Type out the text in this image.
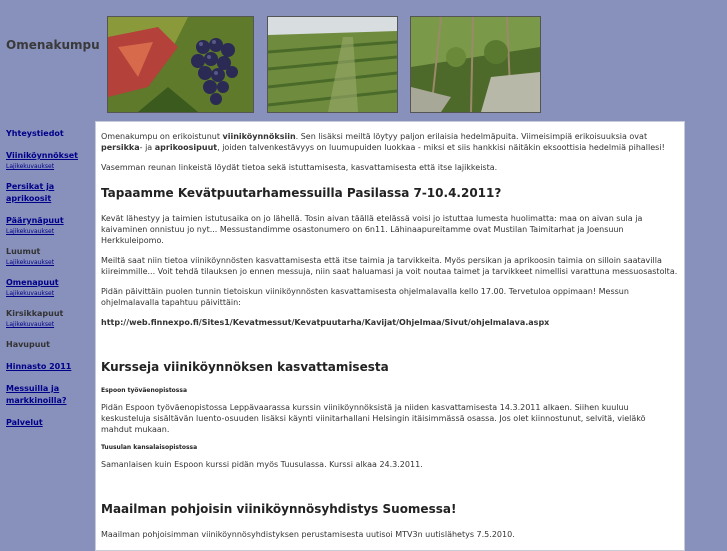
Omenakumpu
Yhteystiedot
Viiniköynnökset
Lajikekuvaukset
Persikat ja aprikoosit
Päärynäpuut
Lajikekuvaukset
Luumut
Lajikekuvaukset
Omenapuut
Lajikekuvaukset
Kirsikkapuut
Lajikekuvaukset
Havupuut
Hinnasto 2011
Messuilla ja markkinoilla?
Palvelut

Omenakumpu on erikoistunut viiniköynnöksiin. Sen lisäksi meiltä löytyy paljon erilaisia hedelmäpuita. Viimeisimpiä erikoisuuksia ovat persikka- ja aprikoosipuut, joiden talvenkestävyys on luumupuiden luokkaa - miksi et siis hankkisi näitäkin eksoottisia hedelmiä pihallesi!

Vasemman reunan linkeistä löydät tietoa sekä istuttamisesta, kasvattamisesta että itse lajikkeista.

Tapaamme Kevätpuutarhamessuilla Pasilassa 7-10.4.2011?

Kevät lähestyy ja taimien istutusaika on jo lähellä. Tosin aivan täällä etelässä voisi jo istuttaa lumesta huolimatta: maa on aivan sula ja kaivaminen onnistuu jo nyt... Messustandimme osastonumero on 6n11. Lähinaapureitamme ovat Mustilan Taimitarhat ja Joensuun Herkkuleipomo.

Meiltä saat niin tietoa viiniköynnösten kasvattamisesta että itse taimia ja tarvikkeita. Myös persikan ja aprikoosin taimia on silloin saatavilla kiireimmille... Voit tehdä tilauksen jo ennen messuja, niin saat haluamasi ja voit noutaa taimet ja tarvikkeet nimellisi varattuna messuosastolta.

Pidän päivittäin puolen tunnin tietoiskun viiniköynnösten kasvattamisesta ohjelmalavalla kello 17.00. Tervetuloa oppimaan! Messun ohjelmalavalla tapahtuu päivittäin:

http://web.finnexpo.fi/Sites1/Kevatmessut/Kevatpuutarha/Kavijat/Ohjelmaa/Sivut/ohjelmalava.aspx

Kursseja viiniköynnöksen kasvattamisesta
Espoon työväenopistossa

Pidän Espoon työväenopistossa Leppävaarassa kurssin viiniköynnöksistä ja niiden kasvattamisesta 14.3.2011 alkaen. Siihen kuuluu keskusteluja sisältävän luento-osuuden lisäksi käynti viinitarhallani Helsingin itäisimmässä osassa. Jos olet kiinnostunut, selvitä, vieläkö mahdut mukaan.

Tuusulan kansalaisopistossa

Samanlaisen kuin Espoon kurssi pidän myös Tuusulassa. Kurssi alkaa 24.3.2011.

Maailman pohjoisin viiniköynnösyhdistys Suomessa!

Maailman pohjoisimman viiniköynnösyhdistyksen perustamisesta uutisoi MTV3n uutislähetys 7.5.2010.
